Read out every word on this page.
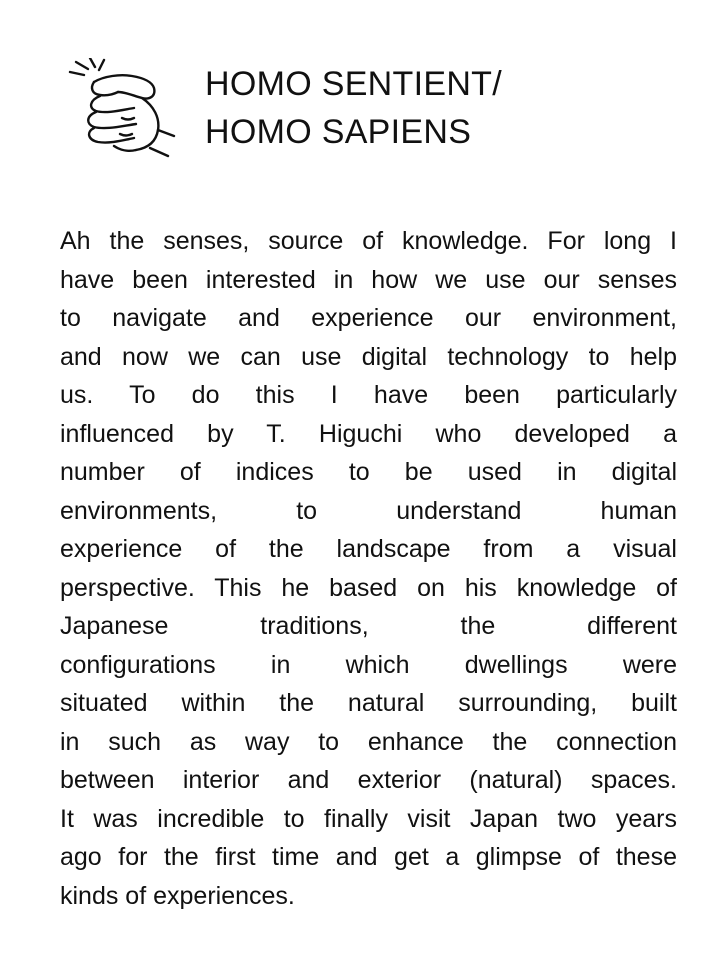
HOMO SENTIENT/
HOMO SAPIENS
Ah the senses, source of knowledge. For long I
have been interested in how we use our senses
to navigate and experience our environment,
and now we can use digital technology to help
us. To do this I have been particularly
influenced by T. Higuchi who developed a
number of indices to be used in digital
environments, to understand human
experience of the landscape from a visual
perspective. This he based on his knowledge of
Japanese traditions, the different
configurations in which dwellings were
situated within the natural surrounding, built
in such as way to enhance the connection
between interior and exterior (natural) spaces.
It was incredible to finally visit Japan two years
ago for the first time and get a glimpse of these
kinds of experiences.
